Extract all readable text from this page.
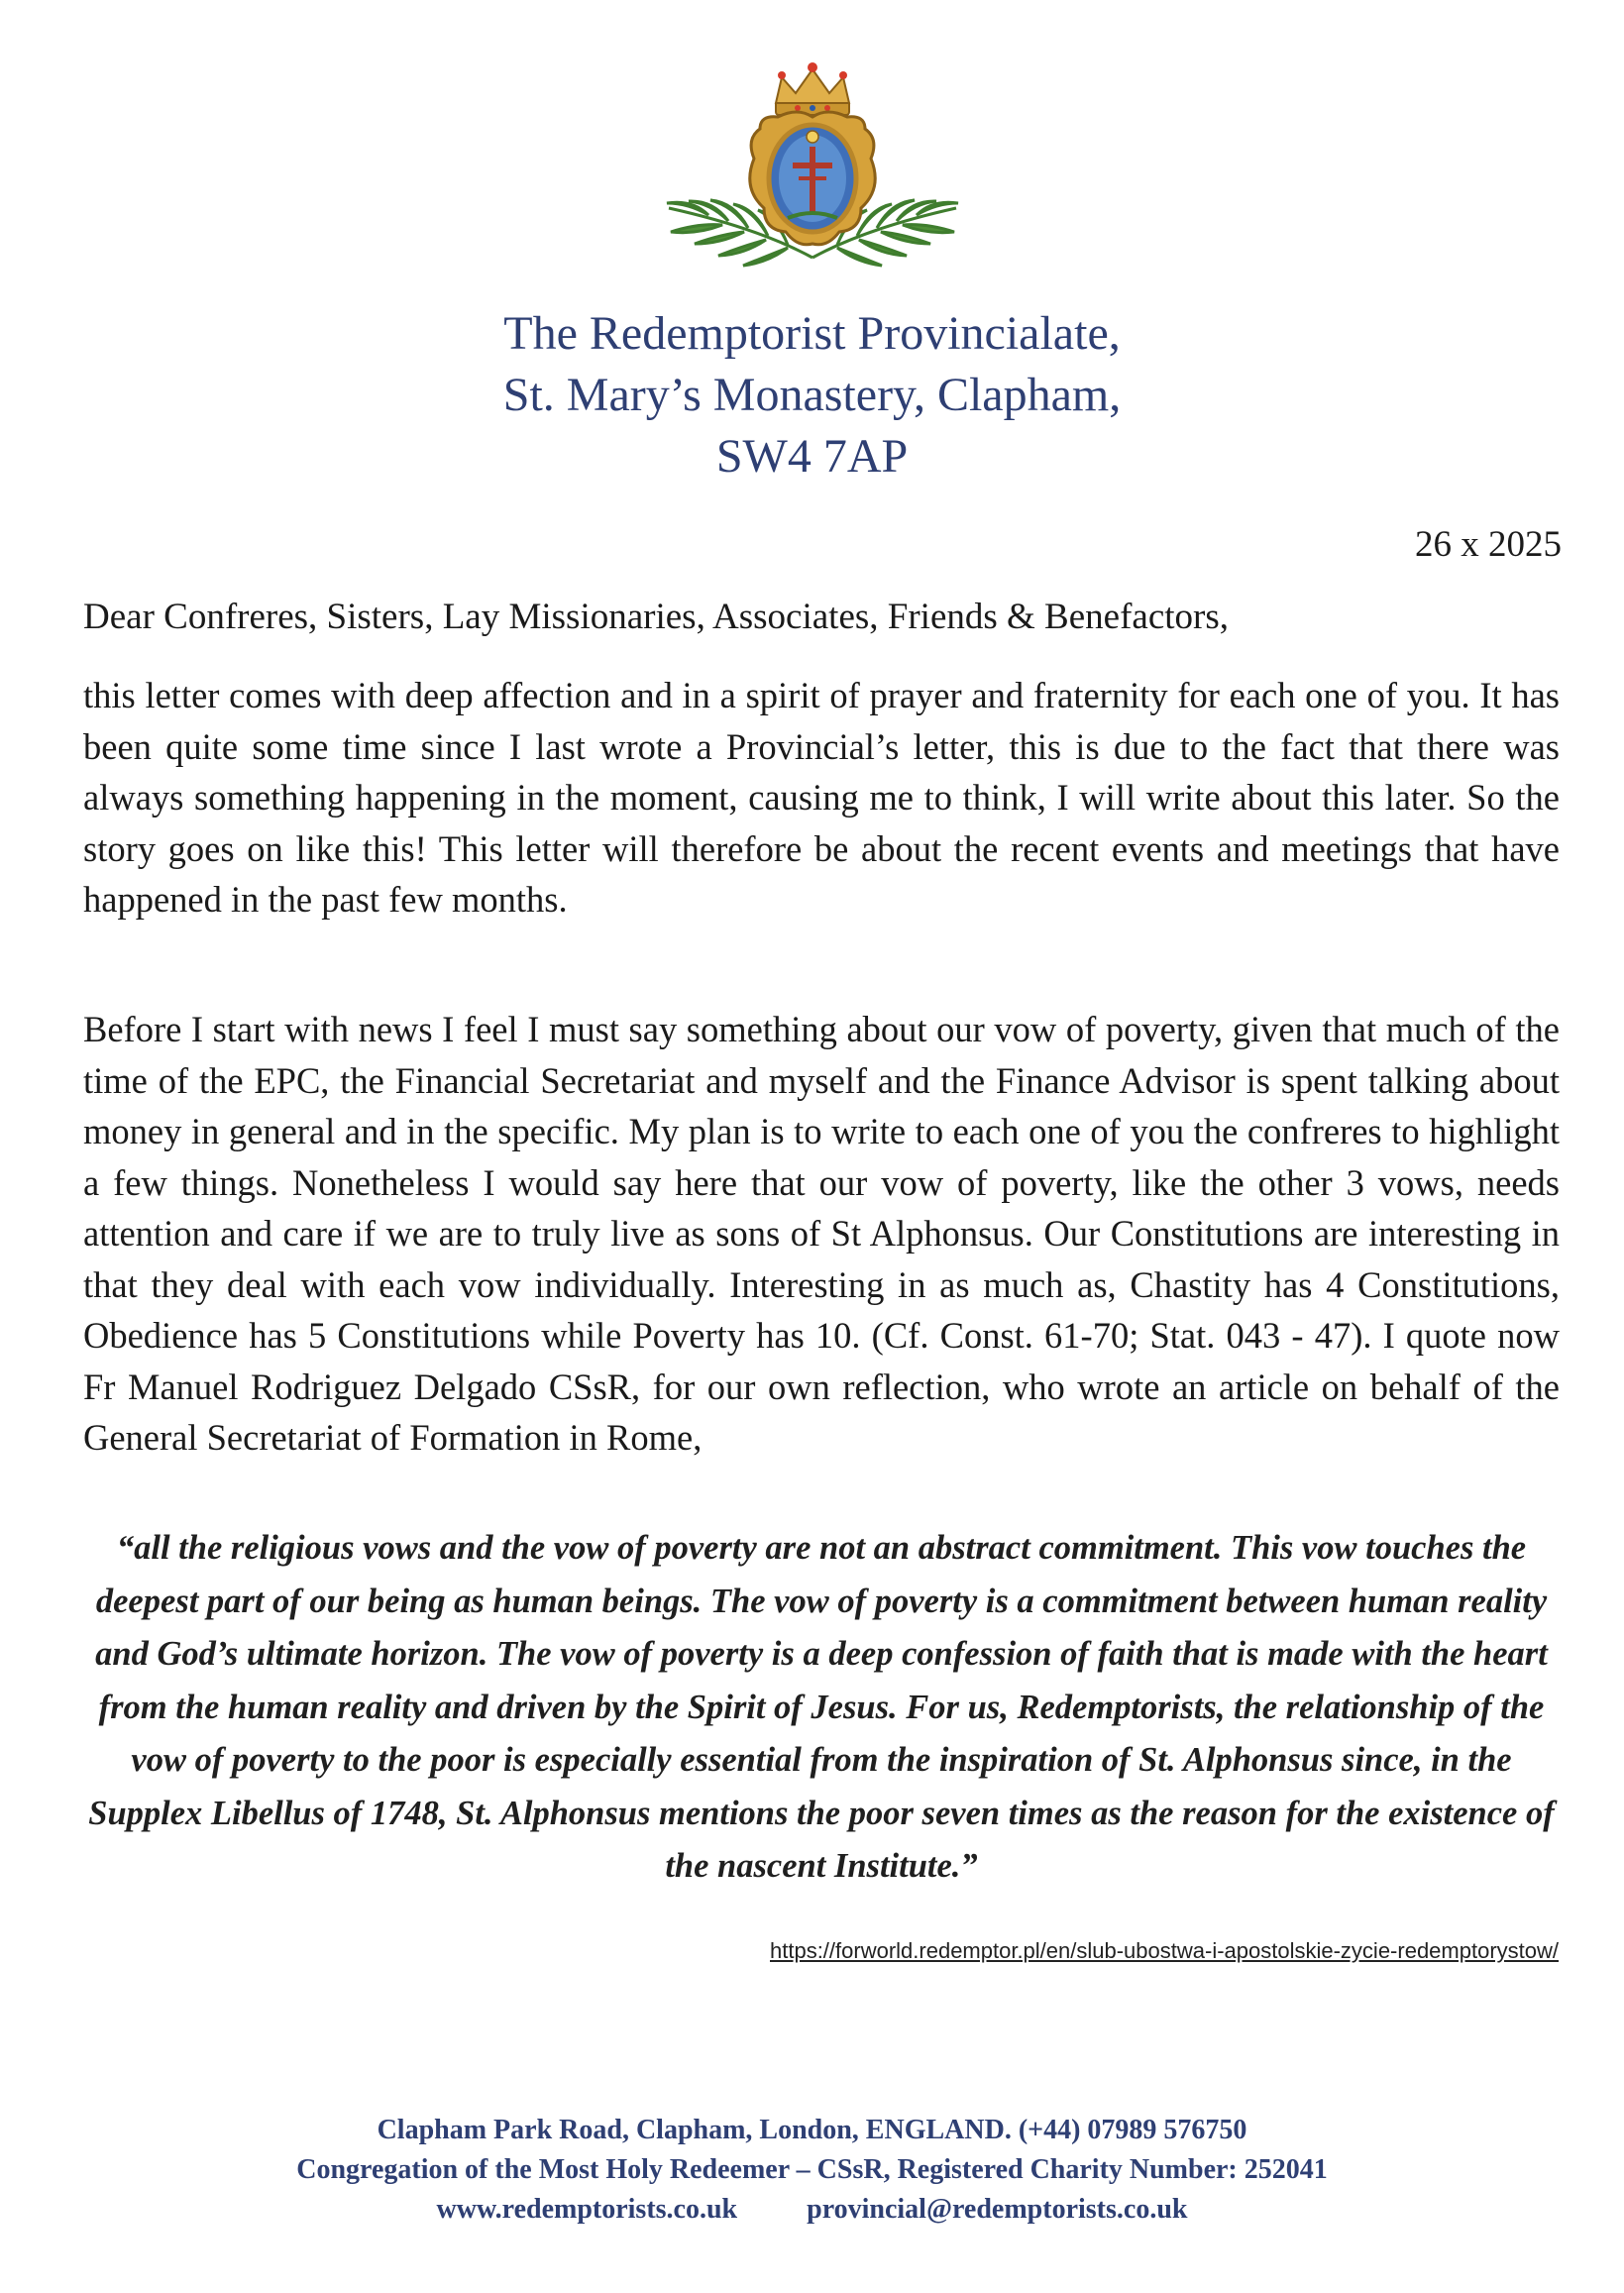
The Redemptorist Provincialate,
St. Mary’s Monastery, Clapham,
SW4 7AP
26 x 2025
Dear Confreres, Sisters, Lay Missionaries, Associates, Friends & Benefactors,

this letter comes with deep affection and in a spirit of prayer and fraternity for each one of you. It has been quite some time since I last wrote a Provincial’s letter, this is due to the fact that there was always something happening in the moment, causing me to think, I will write about this later. So the story goes on like this! This letter will therefore be about the recent events and meetings that have happened in the past few months.

Before I start with news I feel I must say something about our vow of poverty, given that much of the time of the EPC, the Financial Secretariat and myself and the Finance Advisor is spent talking about money in general and in the specific. My plan is to write to each one of you the confreres to highlight a few things. Nonetheless I would say here that our vow of poverty, like the other 3 vows, needs attention and care if we are to truly live as sons of St Alphonsus. Our Constitutions are interesting in that they deal with each vow individually. Interesting in as much as, Chastity has 4 Constitutions, Obedience has 5 Constitutions while Poverty has 10. (Cf. Const. 61-70; Stat. 043 - 47). I quote now Fr Manuel Rodriguez Delgado CSsR, for our own reflection, who wrote an article on behalf of the General Secretariat of Formation in Rome,

“all the religious vows and the vow of poverty are not an abstract commitment. This vow touches the deepest part of our being as human beings. The vow of poverty is a commitment between human reality and God’s ultimate horizon. The vow of poverty is a deep confession of faith that is made with the heart from the human reality and driven by the Spirit of Jesus. For us, Redemptorists, the relationship of the vow of poverty to the poor is especially essential from the inspiration of St. Alphonsus since, in the Supplex Libellus of 1748, St. Alphonsus mentions the poor seven times as the reason for the existence of the nascent Institute.”

https://forworld.redemptor.pl/en/slub-ubostwa-i-apostolskie-zycie-redemptorystow/
Clapham Park Road, Clapham, London, ENGLAND. (+44) 07989 576750
Congregation of the Most Holy Redeemer – CSsR, Registered Charity Number: 252041
www.redemptorists.co.uk	provincial@redemptorists.co.uk
